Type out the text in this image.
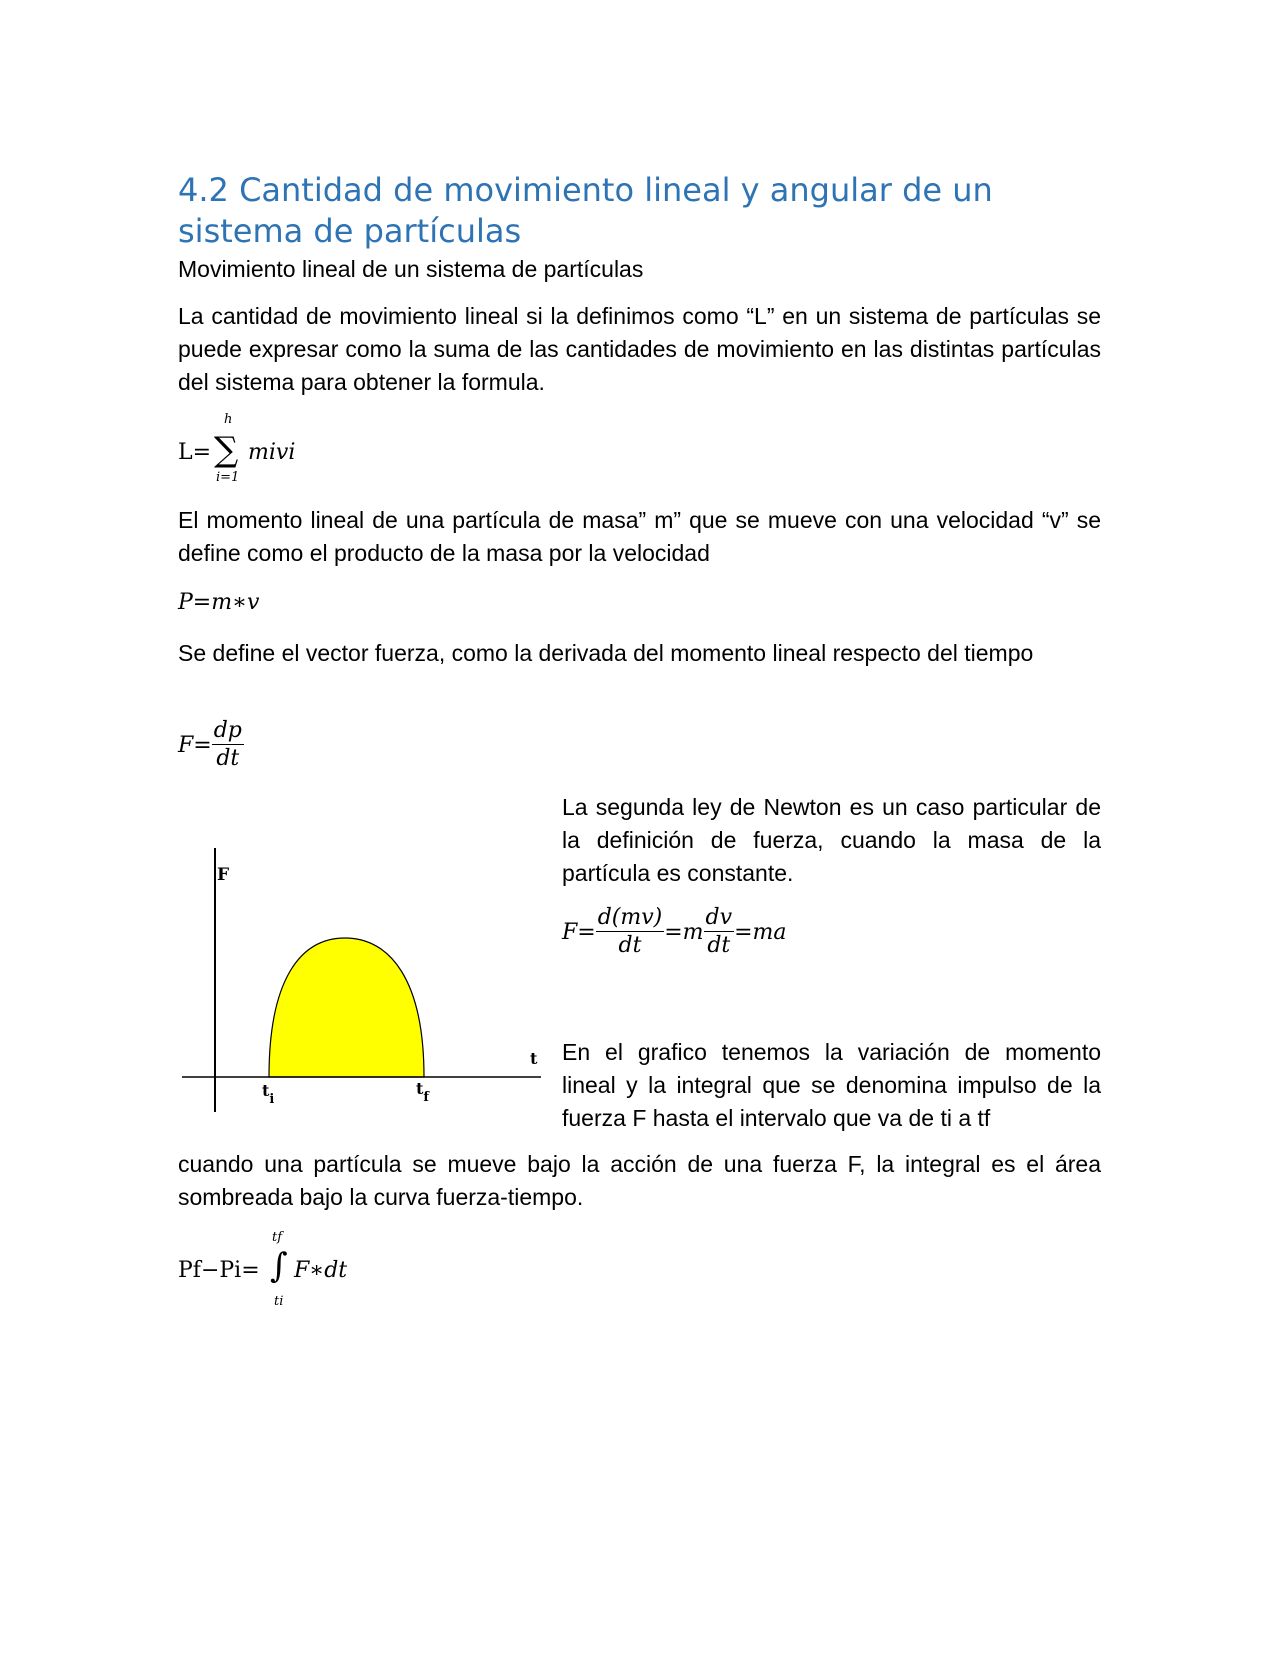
4.2 Cantidad de movimiento lineal y angular de un sistema de partículas
Movimiento lineal de un sistema de partículas

La cantidad de movimiento lineal si la definimos como “L” en un sistema de partículas se puede expresar como la suma de las cantidades de movimiento en las distintas partículas del sistema para obtener la formula.

L= ∑
h
i=1
mivi

El momento lineal de una partícula de masa” m” que se mueve con una velocidad “v” se define como el producto de la masa por la velocidad

P=m∗v

Se define el vector fuerza, como la derivada del momento lineal respecto del tiempo

$F= \frac{dp}{dt}$
F
t
$t_i$
$t_f$

La segunda ley de Newton es un caso particular de la definición de fuerza, cuando la masa de la partícula es constante.

$F= \frac{d(mv)}{dt} =m \frac{dv}{dt} =ma$

En el grafico tenemos la variación de momento lineal y la integral que se denomina impulso de la fuerza F hasta el intervalo que va de ti a tf

cuando una partícula se mueve bajo la acción de una fuerza F, la integral es el área sombreada bajo la curva fuerza-tiempo.

Pf−Pi= ∫
tf
ti
F∗dt
